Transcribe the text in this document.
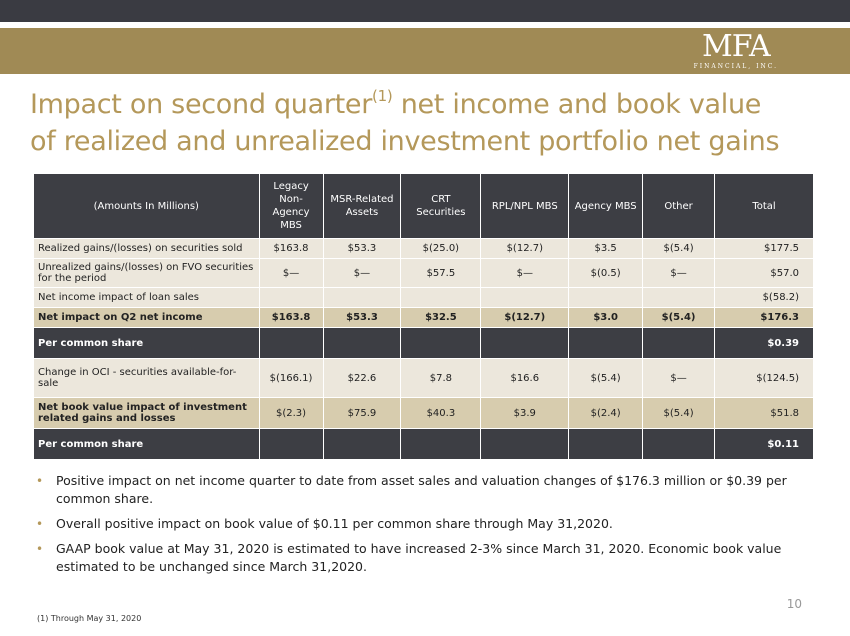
MFA
FINANCIAL, INC.
Impact on second quarter$^{(1)}$ net income and book value
of realized and unrealized investment portfolio net gains
(Amounts In Millions)	Legacy Non-Agency MBS	MSR-Related Assets	CRT Securities	RPL/NPL MBS	Agency MBS	Other	Total
Realized gains/(losses) on securities sold	$163.8	$53.3	$(25.0)	$(12.7)	$3.5	$(5.4)	$177.5
Unrealized gains/(losses) on FVO securities for the period	$—	$—	$57.5	$—	$(0.5)	$—	$57.0
Net income impact of loan sales							$(58.2)
Net impact on Q2 net income	$163.8	$53.3	$32.5	$(12.7)	$3.0	$(5.4)	$176.3
Per common share							$0.39
Change in OCI - securities available-for-sale	$(166.1)	$22.6	$7.8	$16.6	$(5.4)	$—	$(124.5)
Net book value impact of investment related gains and losses	$(2.3)	$75.9	$40.3	$3.9	$(2.4)	$(5.4)	$51.8
Per common share							$0.11
• Positive impact on net income quarter to date from asset sales and valuation changes of $176.3 million or $0.39 per common share.
• Overall positive impact on book value of $0.11 per common share through May 31,2020.
• GAAP book value at May 31, 2020 is estimated to have increased 2-3% since March 31, 2020. Economic book value estimated to be unchanged since March 31,2020.
10
(1) Through May 31, 2020
